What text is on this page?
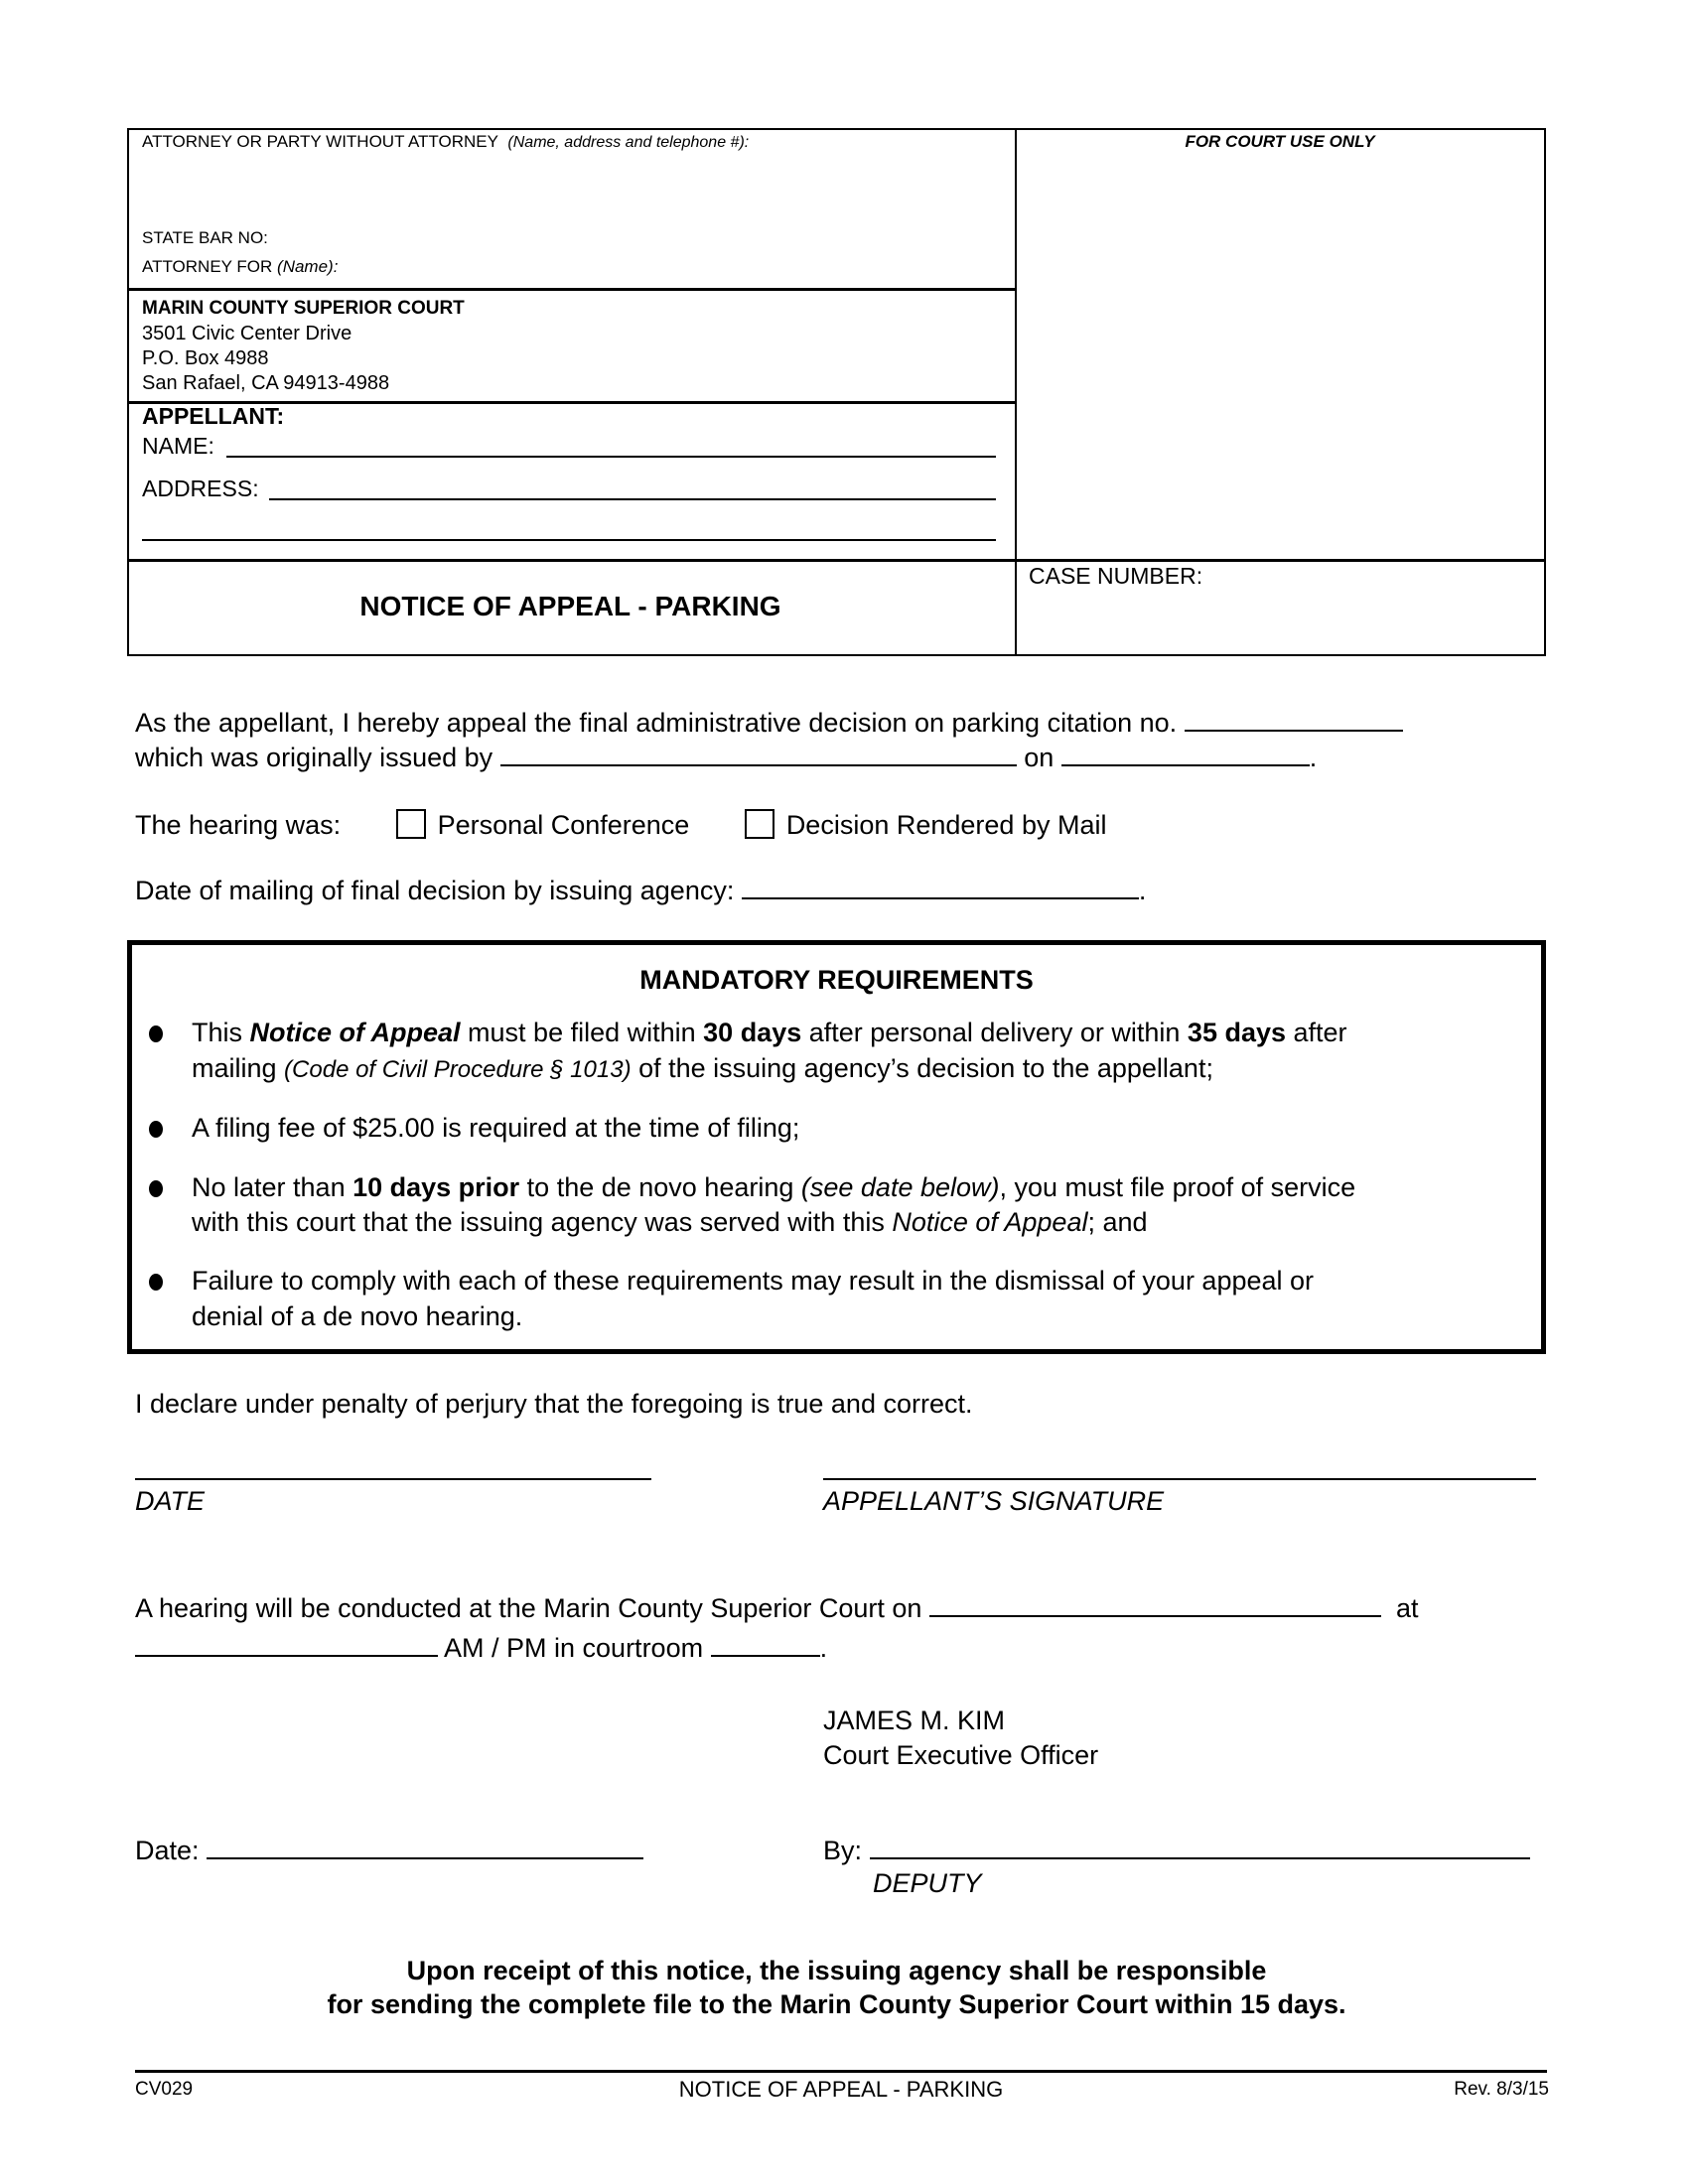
ATTORNEY OR PARTY WITHOUT ATTORNEY (Name, address and telephone #):	FOR COURT USE ONLY
STATE BAR NO:
ATTORNEY FOR (Name):
MARIN COUNTY SUPERIOR COURT
3501 Civic Center Drive
P.O. Box 4988
San Rafael, CA 94913-4988
APPELLANT:
NAME:
ADDRESS:
NOTICE OF APPEAL - PARKING
CASE NUMBER:
As the appellant, I hereby appeal the final administrative decision on parking citation no.
which was originally issued by	on	.
The hearing was:	Personal Conference	Decision Rendered by Mail
Date of mailing of final decision by issuing agency:	.
MANDATORY REQUIREMENTS
This Notice of Appeal must be filed within 30 days after personal delivery or within 35 days after
mailing (Code of Civil Procedure § 1013) of the issuing agency’s decision to the appellant;
A filing fee of $25.00 is required at the time of filing;
No later than 10 days prior to the de novo hearing (see date below), you must file proof of service
with this court that the issuing agency was served with this Notice of Appeal; and
Failure to comply with each of these requirements may result in the dismissal of your appeal or
denial of a de novo hearing.
I declare under penalty of perjury that the foregoing is true and correct.
DATE	APPELLANT’S SIGNATURE
A hearing will be conducted at the Marin County Superior Court on	at
AM / PM in courtroom	.
JAMES M. KIM
Court Executive Officer
Date:	By:
DEPUTY
Upon receipt of this notice, the issuing agency shall be responsible
for sending the complete file to the Marin County Superior Court within 15 days.
CV029	NOTICE OF APPEAL - PARKING	Rev. 8/3/15
